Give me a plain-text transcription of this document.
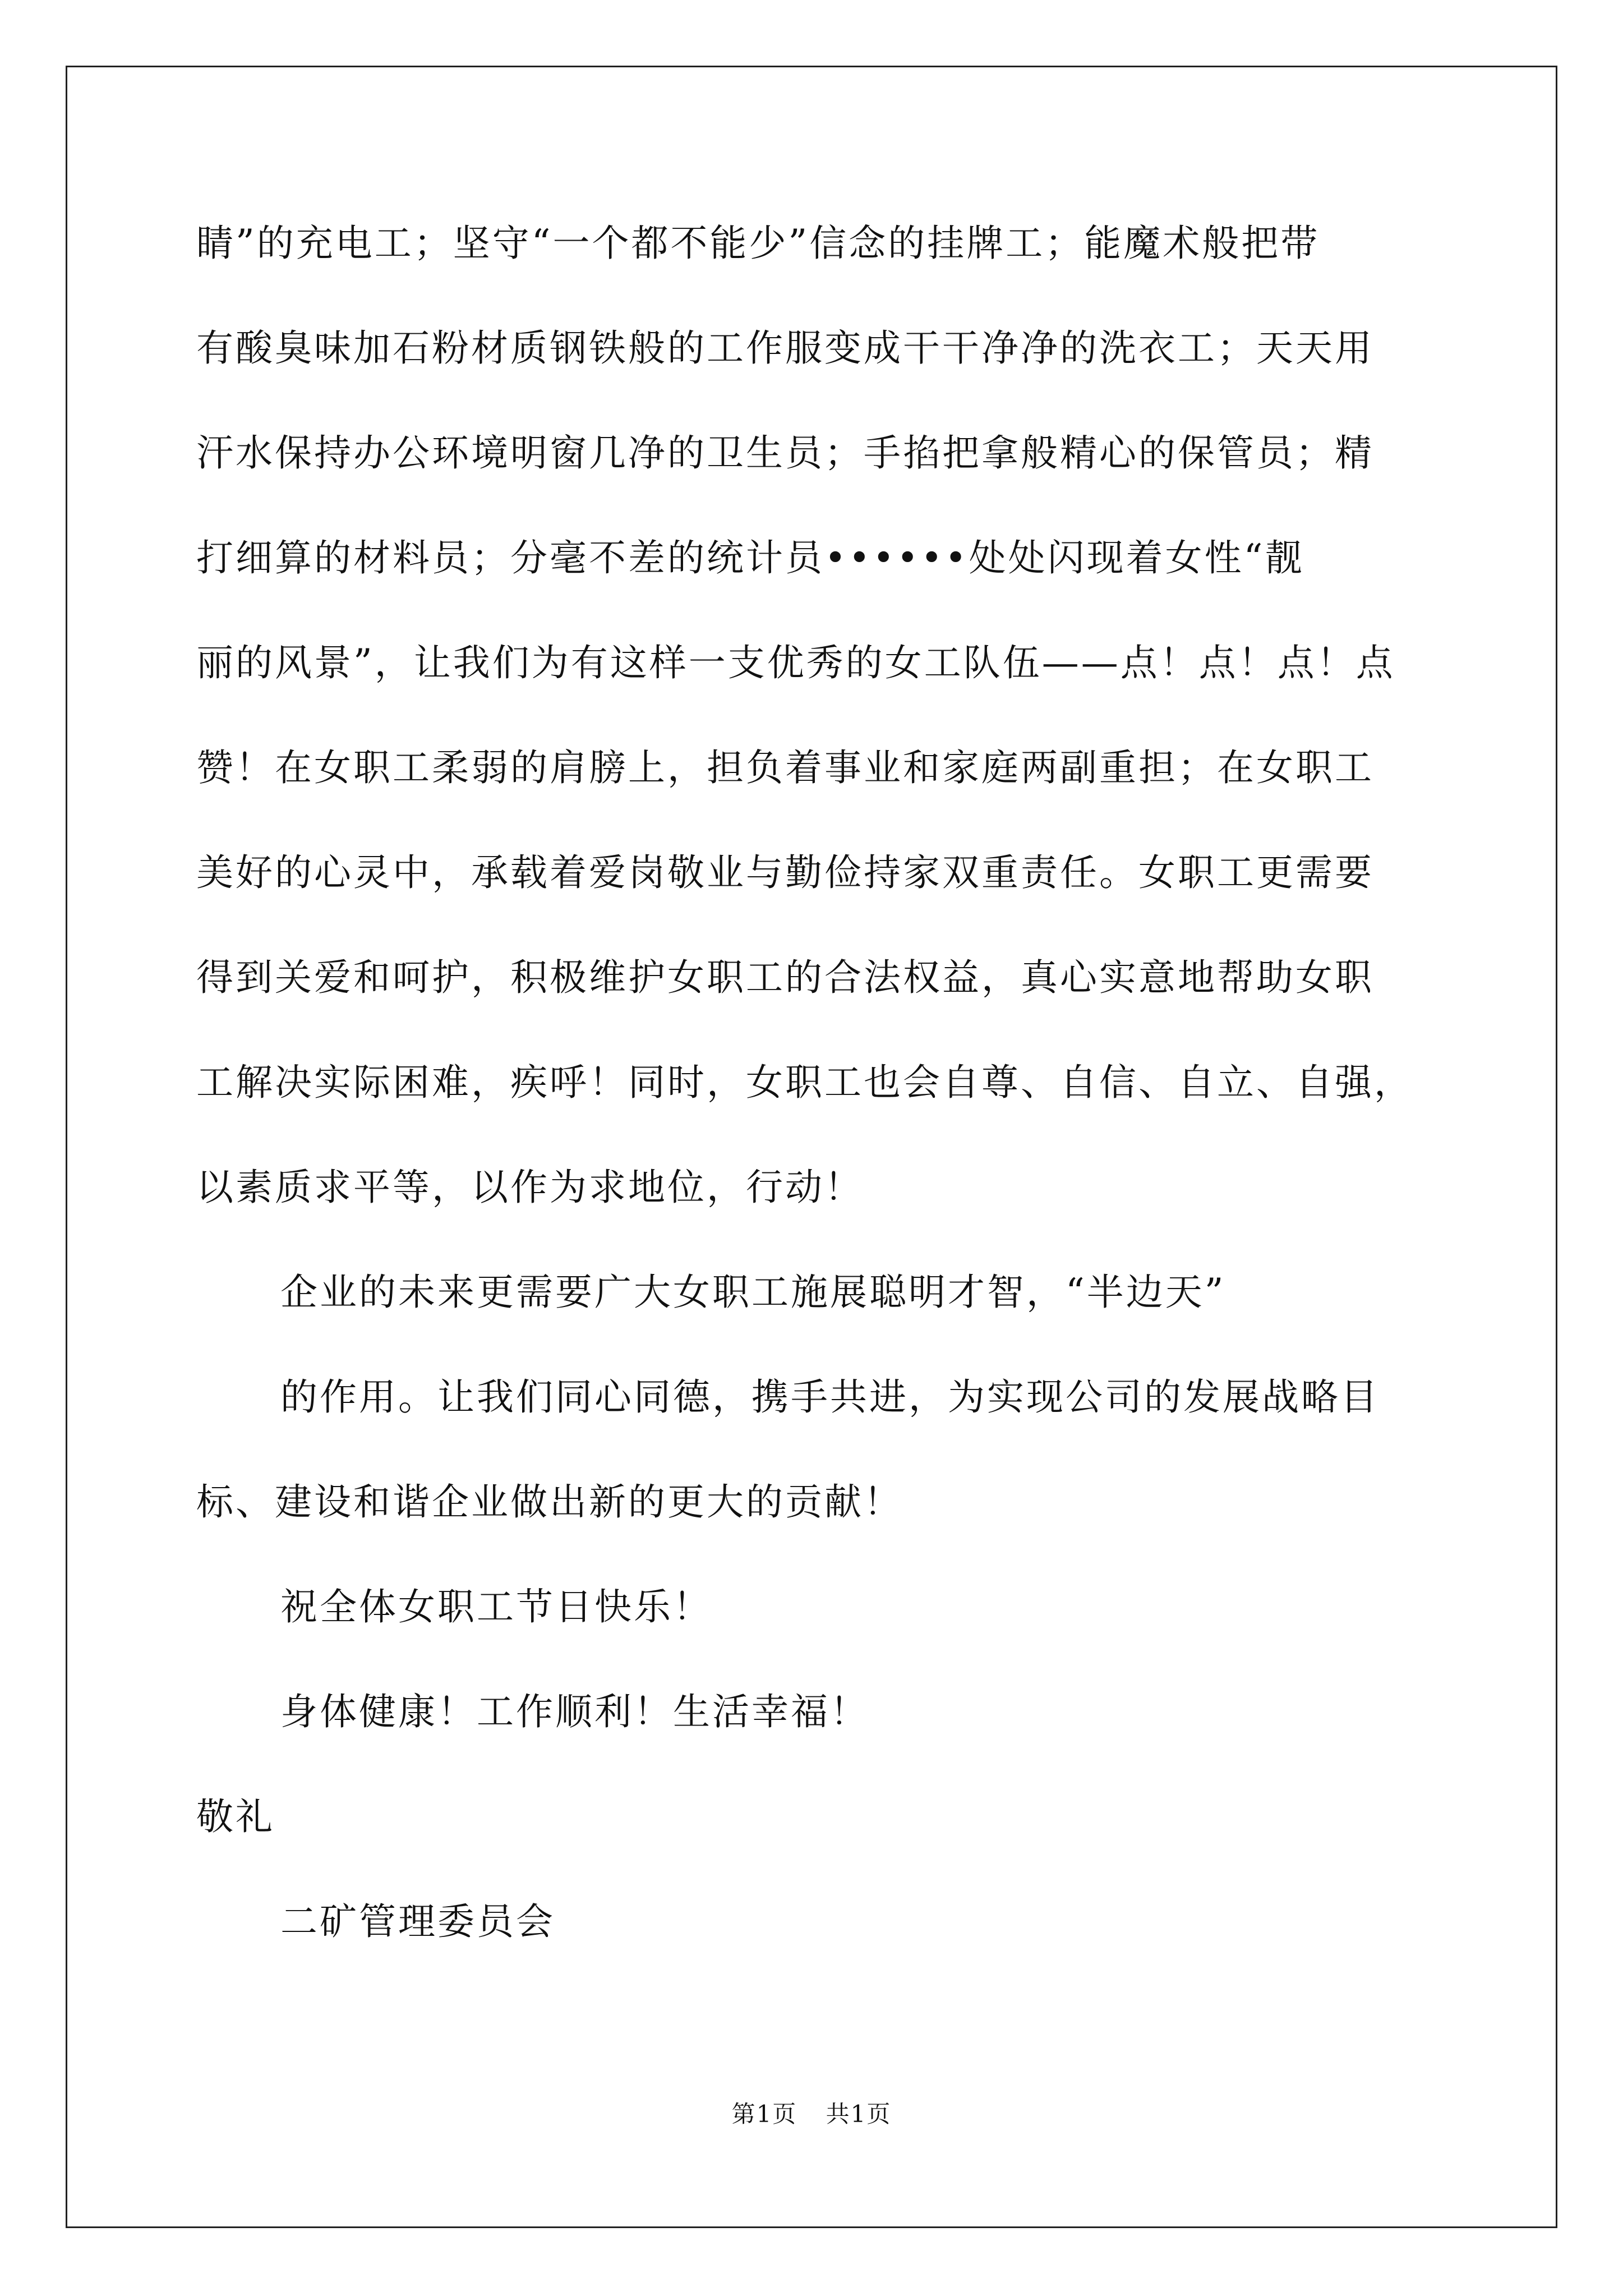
睛”的充电工；坚守“一个都不能少”信念的挂牌工；能魔术般把带
有酸臭味加石粉材质钢铁般的工作服变成干干净净的洗衣工；天天用
汗水保持办公环境明窗几净的卫生员；手掐把拿般精心的保管员；精
打细算的材料员；分毫不差的统计员••••••处处闪现着女性“靓
丽的风景”，让我们为有这样一支优秀的女工队伍——点！点！点！点
赞！在女职工柔弱的肩膀上，担负着事业和家庭两副重担；在女职工
美好的心灵中，承载着爱岗敬业与勤俭持家双重责任。女职工更需要
得到关爱和呵护，积极维护女职工的合法权益，真心实意地帮助女职
工解决实际困难，疾呼！同时，女职工也会自尊、自信、自立、自强，
以素质求平等，以作为求地位，行动！
企业的未来更需要广大女职工施展聪明才智，“半边天”
的作用。让我们同心同德，携手共进，为实现公司的发展战略目
标、建设和谐企业做出新的更大的贡献！
祝全体女职工节日快乐！
身体健康！工作顺利！生活幸福！
敬礼
二矿管理委员会
第1页 共1页
